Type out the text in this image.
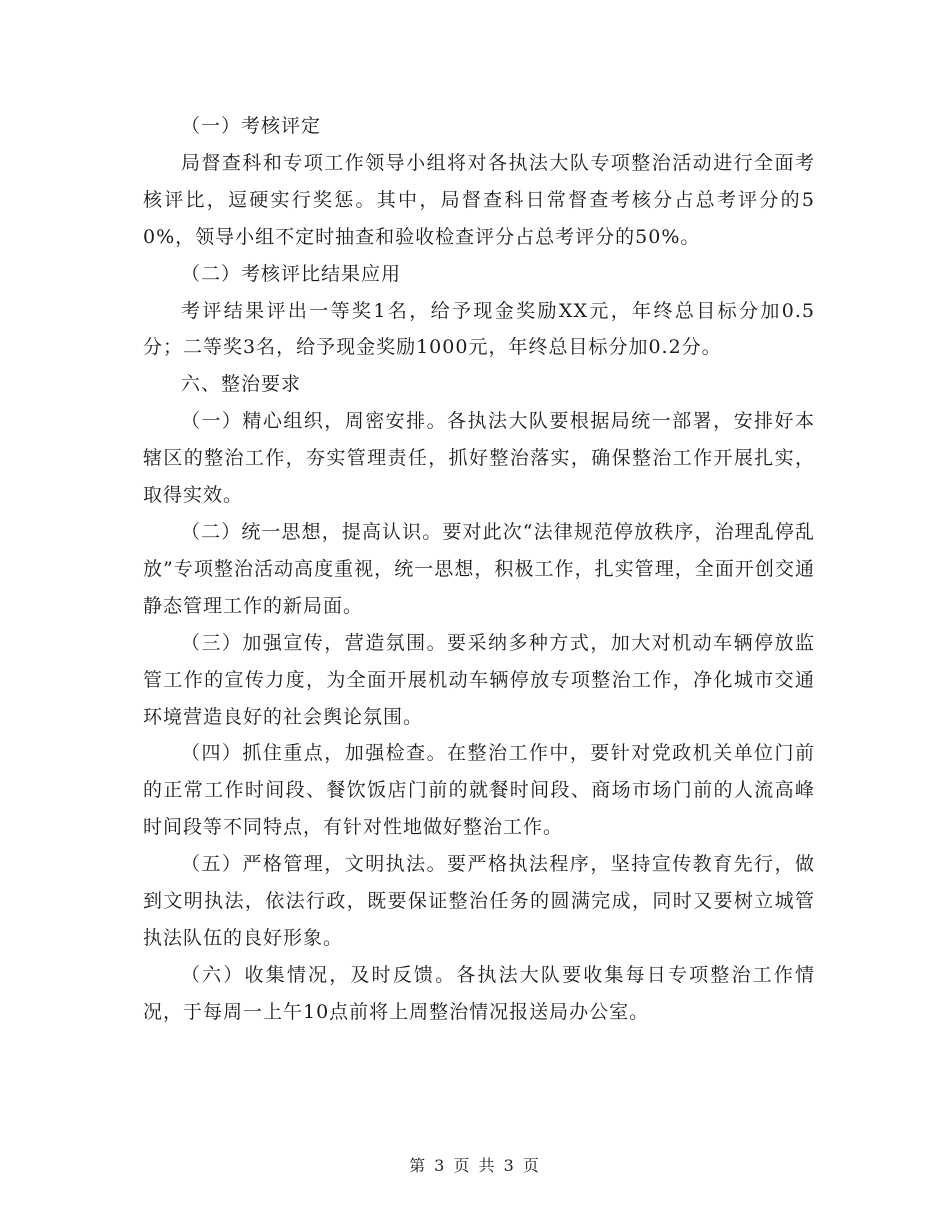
（一）考核评定

局督查科和专项工作领导小组将对各执法大队专项整治活动进行全面考核评比，逗硬实行奖惩。其中，局督查科日常督查考核分占总考评分的50%，领导小组不定时抽查和验收检查评分占总考评分的50%。

（二）考核评比结果应用

考评结果评出一等奖1名，给予现金奖励XX元，年终总目标分加0.5分；二等奖3名，给予现金奖励1000元，年终总目标分加0.2分。

六、整治要求

（一）精心组织，周密安排。各执法大队要根据局统一部署，安排好本辖区的整治工作，夯实管理责任，抓好整治落实，确保整治工作开展扎实，取得实效。

（二）统一思想，提高认识。要对此次“法律规范停放秩序，治理乱停乱放”专项整治活动高度重视，统一思想，积极工作，扎实管理，全面开创交通静态管理工作的新局面。

（三）加强宣传，营造氛围。要采纳多种方式，加大对机动车辆停放监管工作的宣传力度，为全面开展机动车辆停放专项整治工作，净化城市交通环境营造良好的社会舆论氛围。

（四）抓住重点，加强检查。在整治工作中，要针对党政机关单位门前的正常工作时间段、餐饮饭店门前的就餐时间段、商场市场门前的人流高峰时间段等不同特点，有针对性地做好整治工作。

（五）严格管理，文明执法。要严格执法程序，坚持宣传教育先行，做到文明执法，依法行政，既要保证整治任务的圆满完成，同时又要树立城管执法队伍的良好形象。

（六）收集情况，及时反馈。各执法大队要收集每日专项整治工作情况，于每周一上午10点前将上周整治情况报送局办公室。

第 3 页 共 3 页
